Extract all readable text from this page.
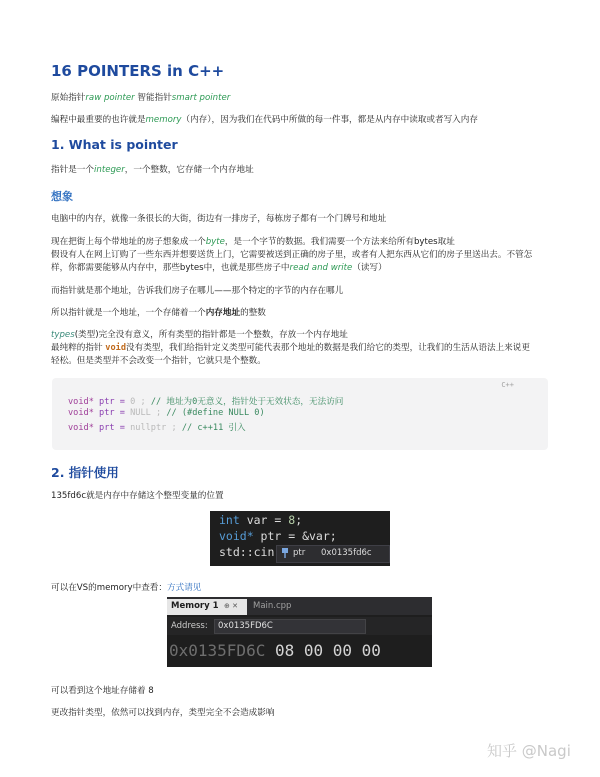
16 POINTERS in C++
原始指针raw pointer 智能指针smart pointer
编程中最重要的也许就是memory（内存），因为我们在代码中所做的每一件事，都是从内存中读取或者写入内存
1. What is pointer
指针是一个integer，一个整数，它存储一个内存地址
想象
电脑中的内存，就像一条很长的大街，街边有一排房子，每栋房子都有一个门牌号和地址
现在把街上每个带地址的房子想象成一个byte，是一个字节的数据。我们需要一个方法来给所有bytes取址
假设有人在网上订购了一些东西并想要送货上门，它需要被送到正确的房子里，或者有人把东西从它们的房子里送出去。不管怎
样，你都需要能够从内存中，那些bytes中，也就是那些房子中read and write（读写）
而指针就是那个地址，告诉我们房子在哪儿——那个特定的字节的内存在哪儿
所以指针就是一个地址，一个存储着一个内存地址的整数
types(类型)完全没有意义，所有类型的指针都是一个整数，存放一个内存地址
最纯粹的指针 void没有类型，我们给指针定义类型可能代表那个地址的数据是我们给它的类型，让我们的生活从语法上来说更
轻松。但是类型并不会改变一个指针，它就只是个整数。
C++
void* ptr = 0 ; // 地址为0无意义，指针处于无效状态，无法访问
void* ptr = NULL ; // (#define NULL 0)
void* prt = nullptr ; // c++11 引入
2. 指针使用
135fd6c就是内存中存储这个整型变量的位置
int var = 8;
void* ptr = &var;
std::cin ptr 0x0135fd6c
可以在VS的memory中查看：方式请见
Memory 1 ⊕ ✕ Main.cpp
Address: 0x0135FD6C
0x0135FD6C 08 00 00 00
可以看到这个地址存储着 8
更改指针类型，依然可以找到内存，类型完全不会造成影响
知乎 @Nagi
